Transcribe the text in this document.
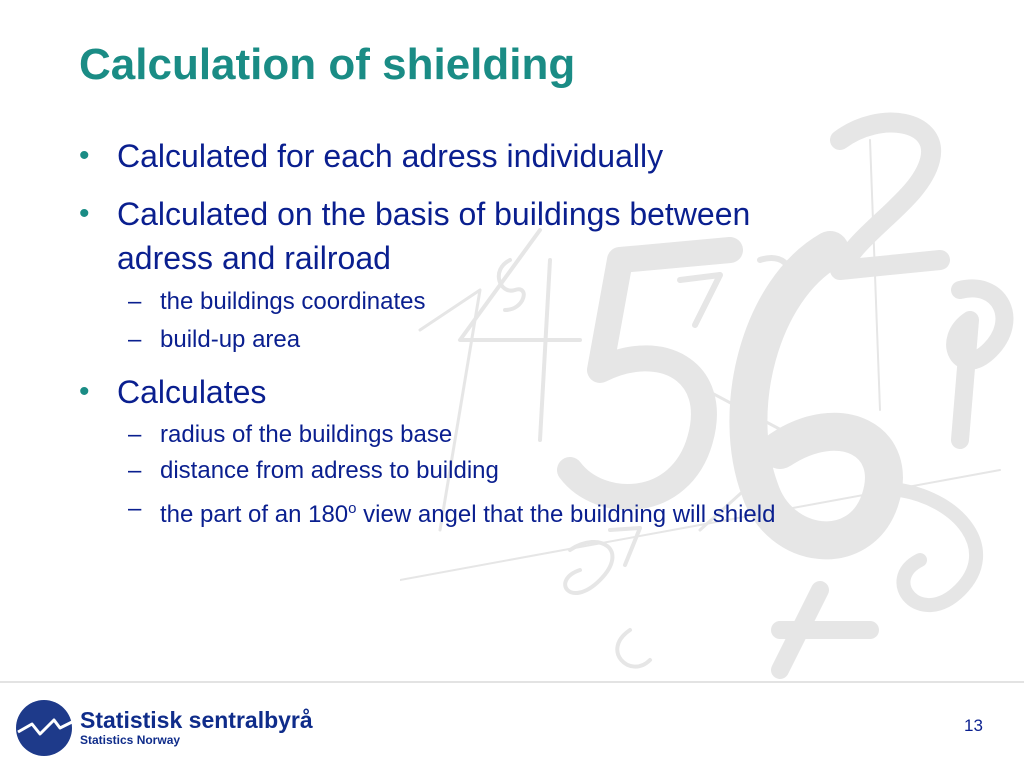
Calculation of shielding
• Calculated for each adress individually
• Calculated on the basis of buildings between
adress and railroad
– the buildings coordinates
– build-up area
• Calculates
– radius of the buildings base
– distance from adress to building
– the part of an 180$^o$ view angel that the buildning will shield
Statistisk sentralbyrå
Statistics Norway
13
